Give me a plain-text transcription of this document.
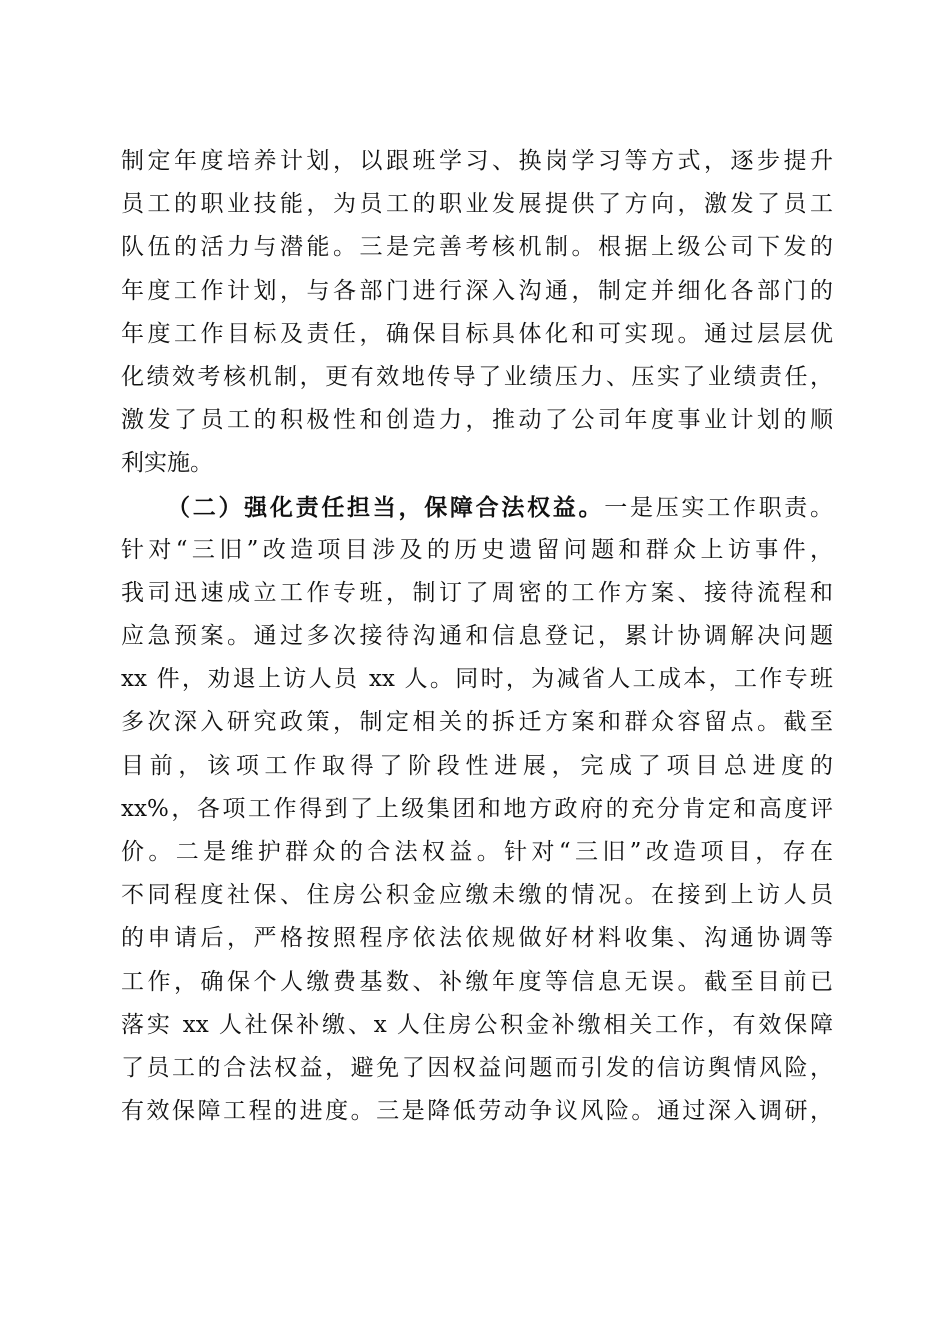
制定年度培养计划，以跟班学习、换岗学习等方式，逐步提升
员工的职业技能，为员工的职业发展提供了方向，激发了员工
队伍的活力与潜能。三是完善考核机制。根据上级公司下发的
年度工作计划，与各部门进行深入沟通，制定并细化各部门的
年度工作目标及责任，确保目标具体化和可实现。通过层层优
化绩效考核机制，更有效地传导了业绩压力、压实了业绩责任，
激发了员工的积极性和创造力，推动了公司年度事业计划的顺
利实施。
（二）强化责任担当，保障合法权益。一是压实工作职责。
针对“三旧”改造项目涉及的历史遗留问题和群众上访事件，
我司迅速成立工作专班，制订了周密的工作方案、接待流程和
应急预案。通过多次接待沟通和信息登记，累计协调解决问题
xx 件，劝退上访人员 xx 人。同时，为减省人工成本，工作专班
多次深入研究政策，制定相关的拆迁方案和群众容留点。截至
目前，该项工作取得了阶段性进展，完成了项目总进度的
xx%，各项工作得到了上级集团和地方政府的充分肯定和高度评
价。二是维护群众的合法权益。针对“三旧”改造项目，存在
不同程度社保、住房公积金应缴未缴的情况。在接到上访人员
的申请后，严格按照程序依法依规做好材料收集、沟通协调等
工作，确保个人缴费基数、补缴年度等信息无误。截至目前已
落实 xx 人社保补缴、x 人住房公积金补缴相关工作，有效保障
了员工的合法权益，避免了因权益问题而引发的信访舆情风险，
有效保障工程的进度。三是降低劳动争议风险。通过深入调研，
